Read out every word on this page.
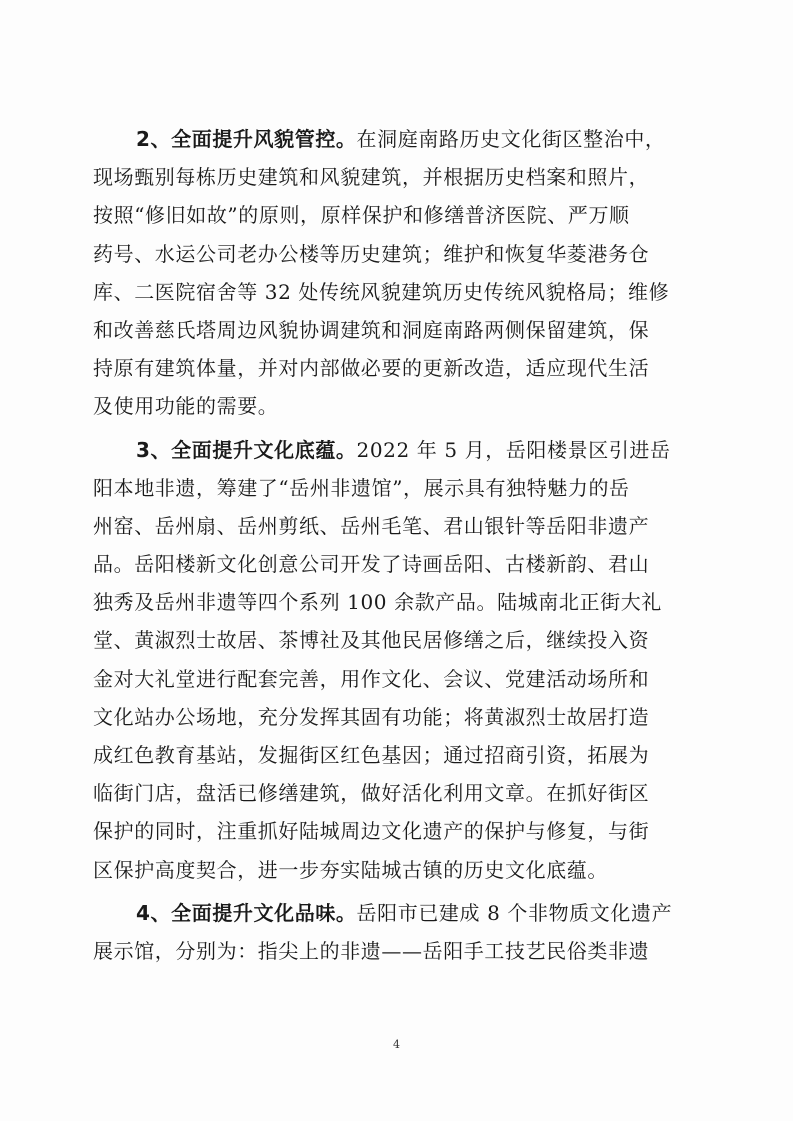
2、全面提升风貌管控。在洞庭南路历史文化街区整治中，
现场甄别每栋历史建筑和风貌建筑，并根据历史档案和照片，
按照“修旧如故”的原则，原样保护和修缮普济医院、严万顺
药号、水运公司老办公楼等历史建筑；维护和恢复华菱港务仓
库、二医院宿舍等 32 处传统风貌建筑历史传统风貌格局；维修
和改善慈氏塔周边风貌协调建筑和洞庭南路两侧保留建筑，保
持原有建筑体量，并对内部做必要的更新改造，适应现代生活
及使用功能的需要。
3、全面提升文化底蕴。2022 年 5 月，岳阳楼景区引进岳
阳本地非遗，筹建了“岳州非遗馆”，展示具有独特魅力的岳
州窑、岳州扇、岳州剪纸、岳州毛笔、君山银针等岳阳非遗产
品。岳阳楼新文化创意公司开发了诗画岳阳、古楼新韵、君山
独秀及岳州非遗等四个系列 100 余款产品。陆城南北正街大礼
堂、黄淑烈士故居、茶博社及其他民居修缮之后，继续投入资
金对大礼堂进行配套完善，用作文化、会议、党建活动场所和
文化站办公场地，充分发挥其固有功能；将黄淑烈士故居打造
成红色教育基站，发掘街区红色基因；通过招商引资，拓展为
临街门店，盘活已修缮建筑，做好活化利用文章。在抓好街区
保护的同时，注重抓好陆城周边文化遗产的保护与修复，与街
区保护高度契合，进一步夯实陆城古镇的历史文化底蕴。
4、全面提升文化品味。岳阳市已建成 8 个非物质文化遗产
展示馆，分别为：指尖上的非遗——岳阳手工技艺民俗类非遗
4
